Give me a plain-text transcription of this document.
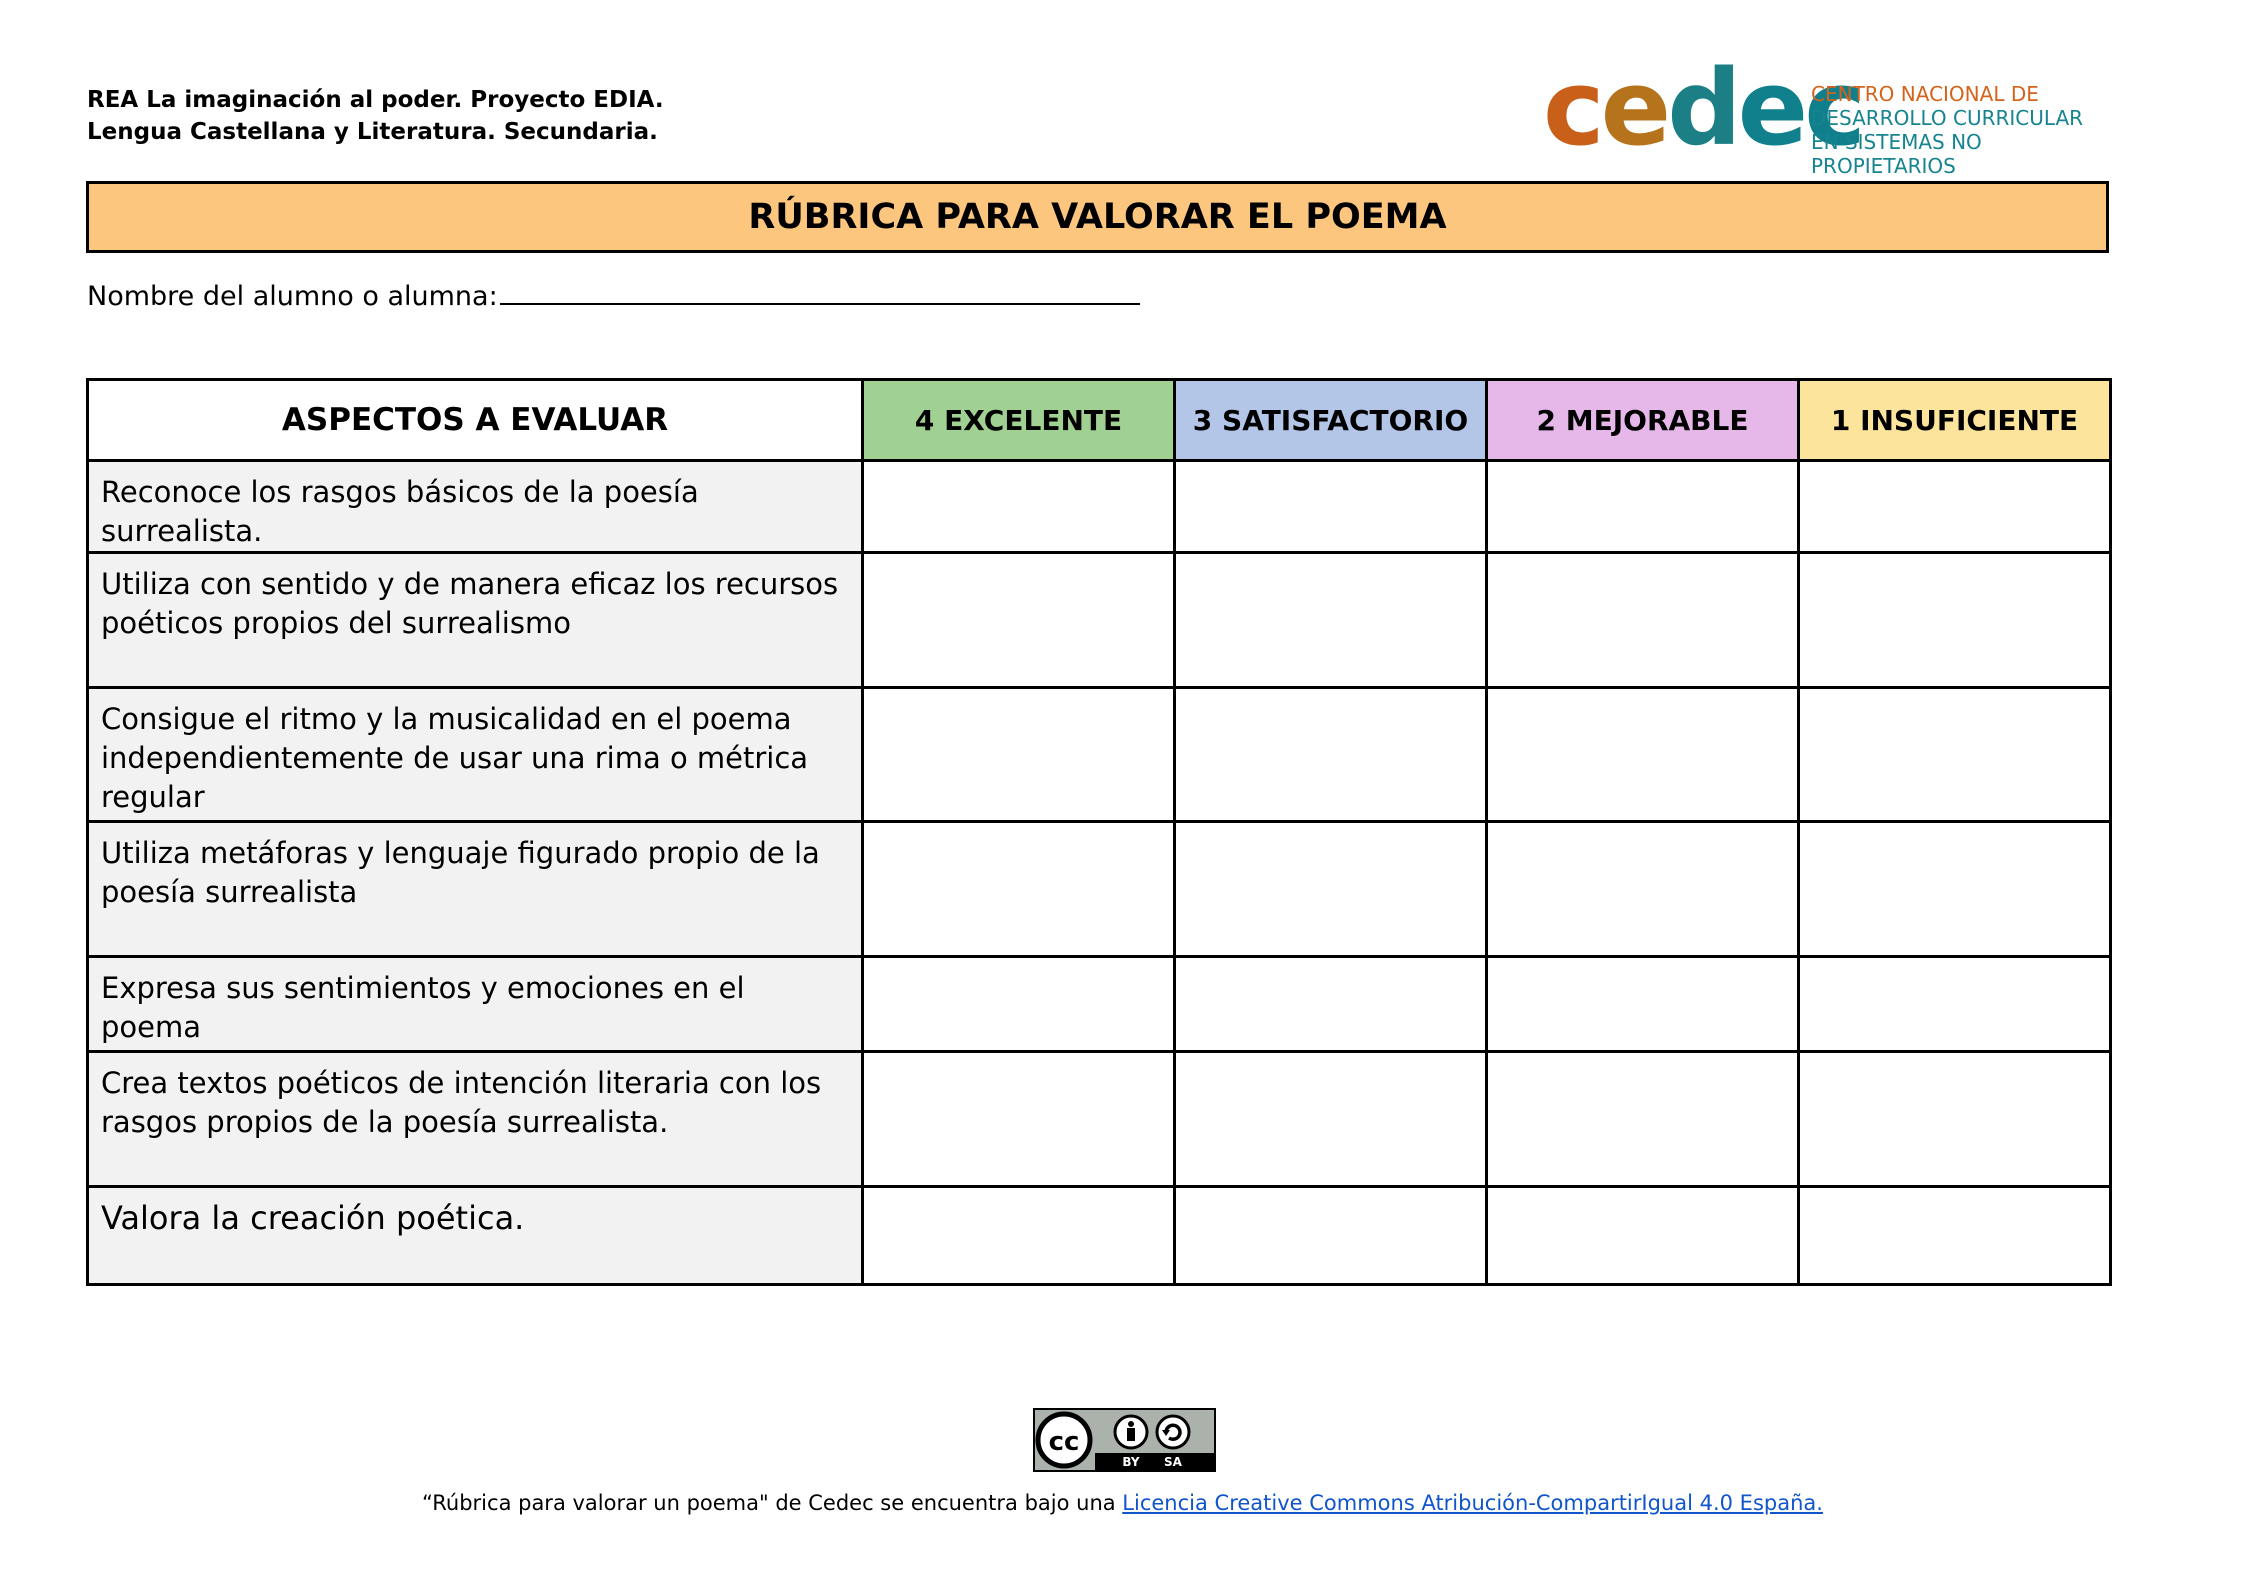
REA La imaginación al poder. Proyecto EDIA.
Lengua Castellana y Literatura. Secundaria.	cedec
CENTRO NACIONAL DE
DESARROLLO CURRICULAR
EN SISTEMAS NO PROPIETARIOS
RÚBRICA PARA VALORAR EL POEMA
Nombre del alumno o alumna:
ASPECTOS A EVALUAR	4 EXCELENTE	3 SATISFACTORIO	2 MEJORABLE	1 INSUFICIENTE
Reconoce los rasgos básicos de la poesía surrealista.				
Utiliza con sentido y de manera eficaz los recursos poéticos propios del surrealismo				
Consigue el ritmo y la musicalidad en el poema independientemente de usar una rima o métrica regular				
Utiliza metáforas y lenguaje figurado propio de la poesía surrealista				
Expresa sus sentimientos y emociones en el poema				
Crea textos poéticos de intención literaria con los rasgos propios de la poesía surrealista.				
Valora la creación poética.				
cc
BY SA
“Rúbrica para valorar un poema" de Cedec se encuentra bajo una Licencia Creative Commons Atribución-CompartirIgual 4.0 España.
